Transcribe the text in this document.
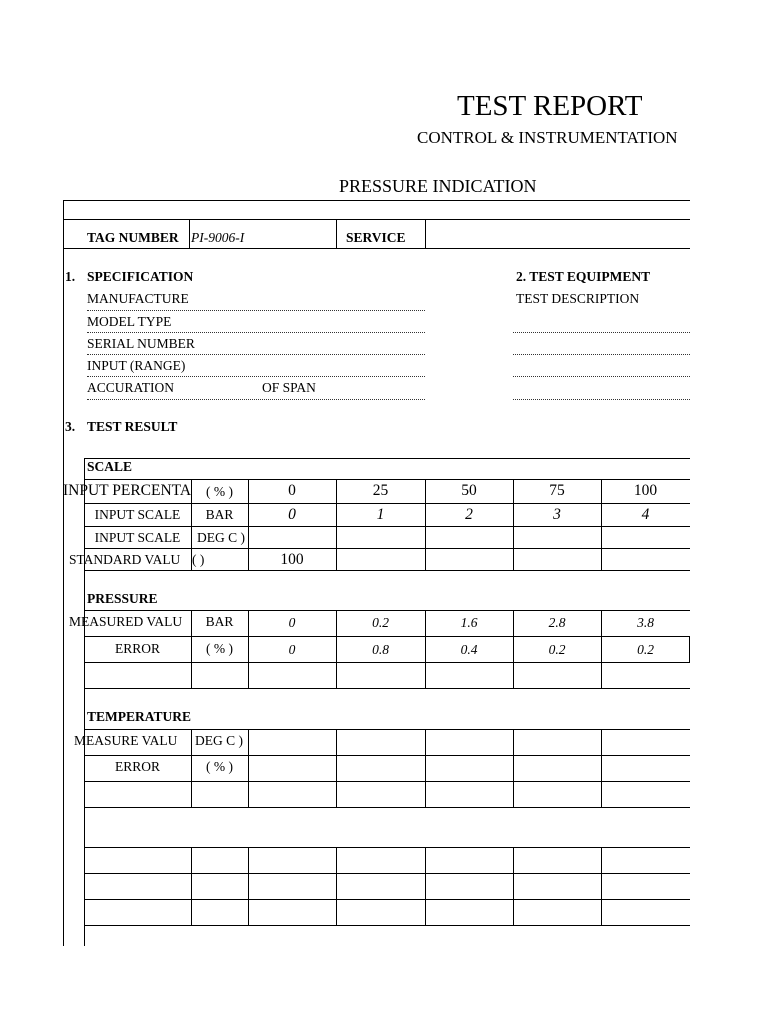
TEST REPORT
CONTROL & INSTRUMENTATION
PRESSURE INDICATION
TAG NUMBER PI-9006-I	SERVICE
1. SPECIFICATION
MANUFACTURE
MODEL TYPE
SERIAL NUMBER
INPUT (RANGE)
ACCURATION	OF SPAN
2. TEST EQUIPMENT
TEST DESCRIPTION
3. TEST RESULT
SCALE
PRESSURE
TEMPERATURE
INPUT PERCENTA	( % )	0	25	50	75	100
INPUT SCALE	BAR	0	1	2	3	4
INPUT SCALE	DEG C )
STANDARD VALU ( )	100
MEASURED VALU	BAR	0	0.2	1.6	2.8	3.8
ERROR	( % )	0	0.8	0.4	0.2	0.2
MEASURE VALU	DEG C )
ERROR	( % )
